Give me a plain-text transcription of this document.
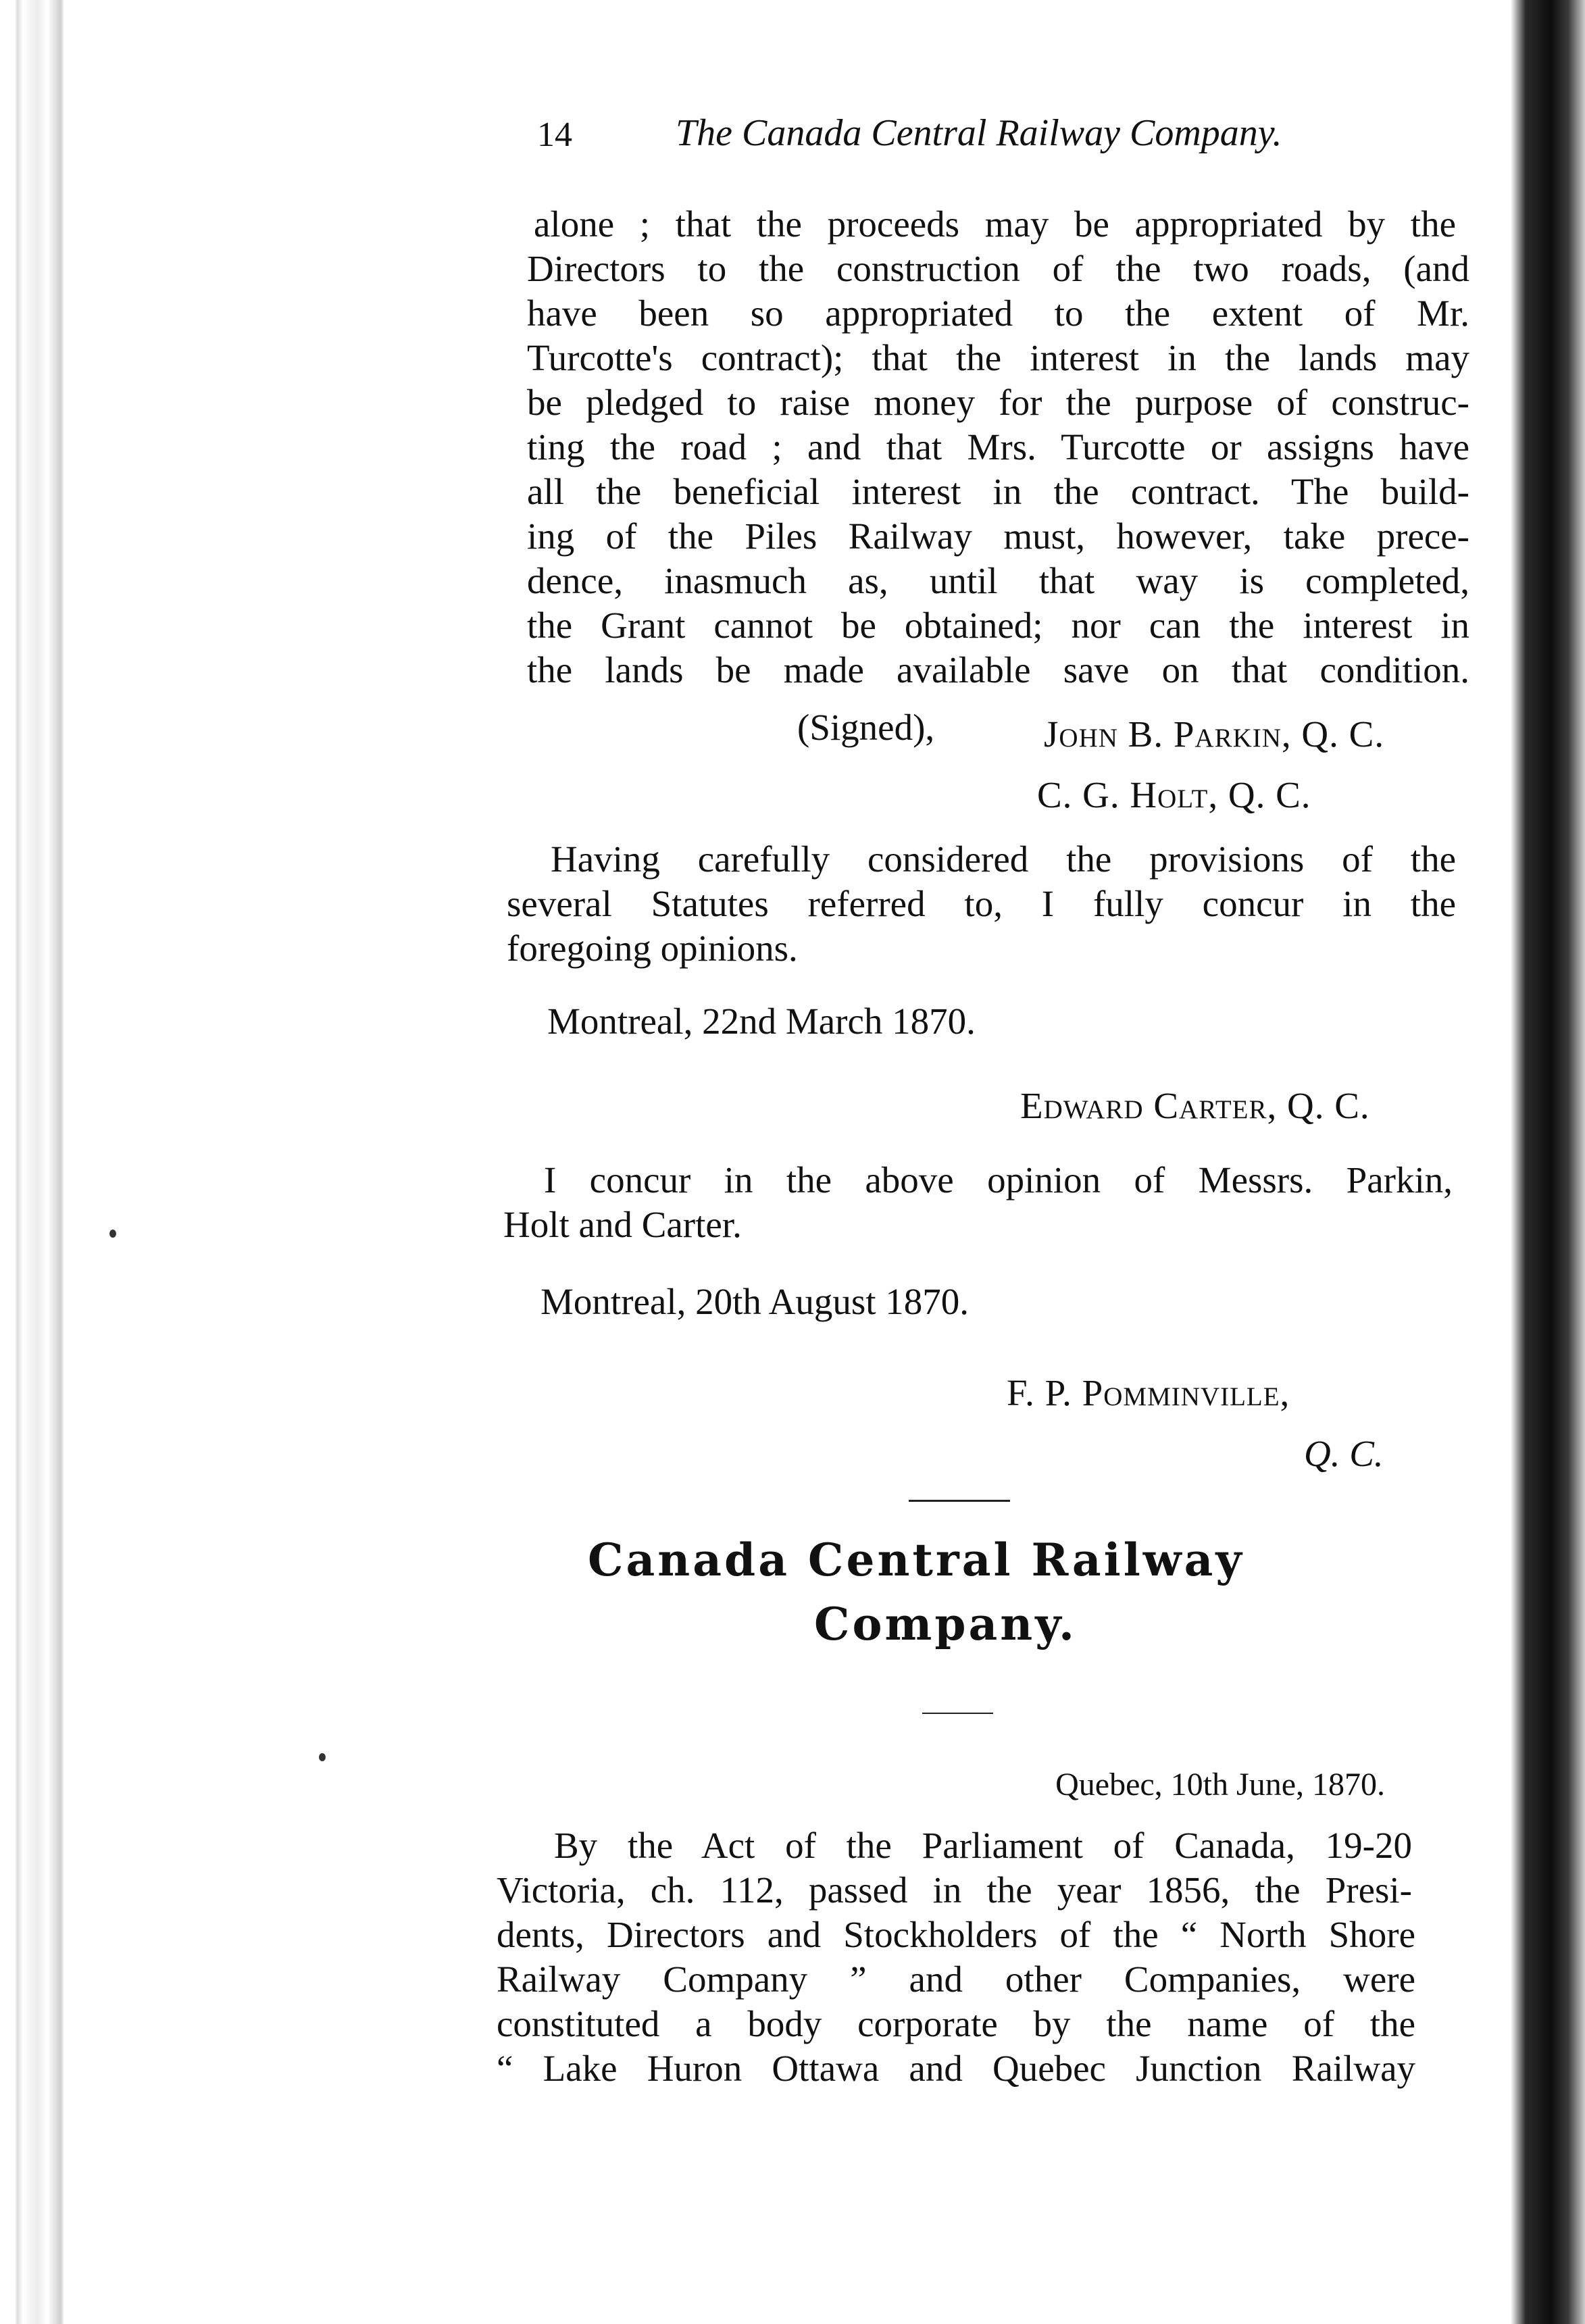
14	The Canada Central Railway Company.
alone ; that the proceeds may be appropriated by the
Directors to the construction of the two roads, (and
have been so appropriated to the extent of Mr.
Turcotte's contract); that the interest in the lands may
be pledged to raise money for the purpose of construc-
ting the road ; and that Mrs. Turcotte or assigns have
all the beneficial interest in the contract. The build-
ing of the Piles Railway must, however, take prece-
dence, inasmuch as, until that way is completed,
the Grant cannot be obtained; nor can the interest in
the lands be made available save on that condition.
(Signed),	John B. Parkin, Q. C.
C. G. Holt, Q. C.
Having carefully considered the provisions of the
several Statutes referred to, I fully concur in the
foregoing opinions.
Montreal, 22nd March 1870.
Edward Carter, Q. C.
I concur in the above opinion of Messrs. Parkin,
Holt and Carter.
Montreal, 20th August 1870.
F. P. Pomminville,
Q. C.
Canada Central Railway
Company.
Quebec, 10th June, 1870.
By the Act of the Parliament of Canada, 19-20
Victoria, ch. 112, passed in the year 1856, the Presi-
dents, Directors and Stockholders of the “ North Shore
Railway Company ” and other Companies, were
constituted a body corporate by the name of the
“ Lake Huron Ottawa and Quebec Junction Railway
